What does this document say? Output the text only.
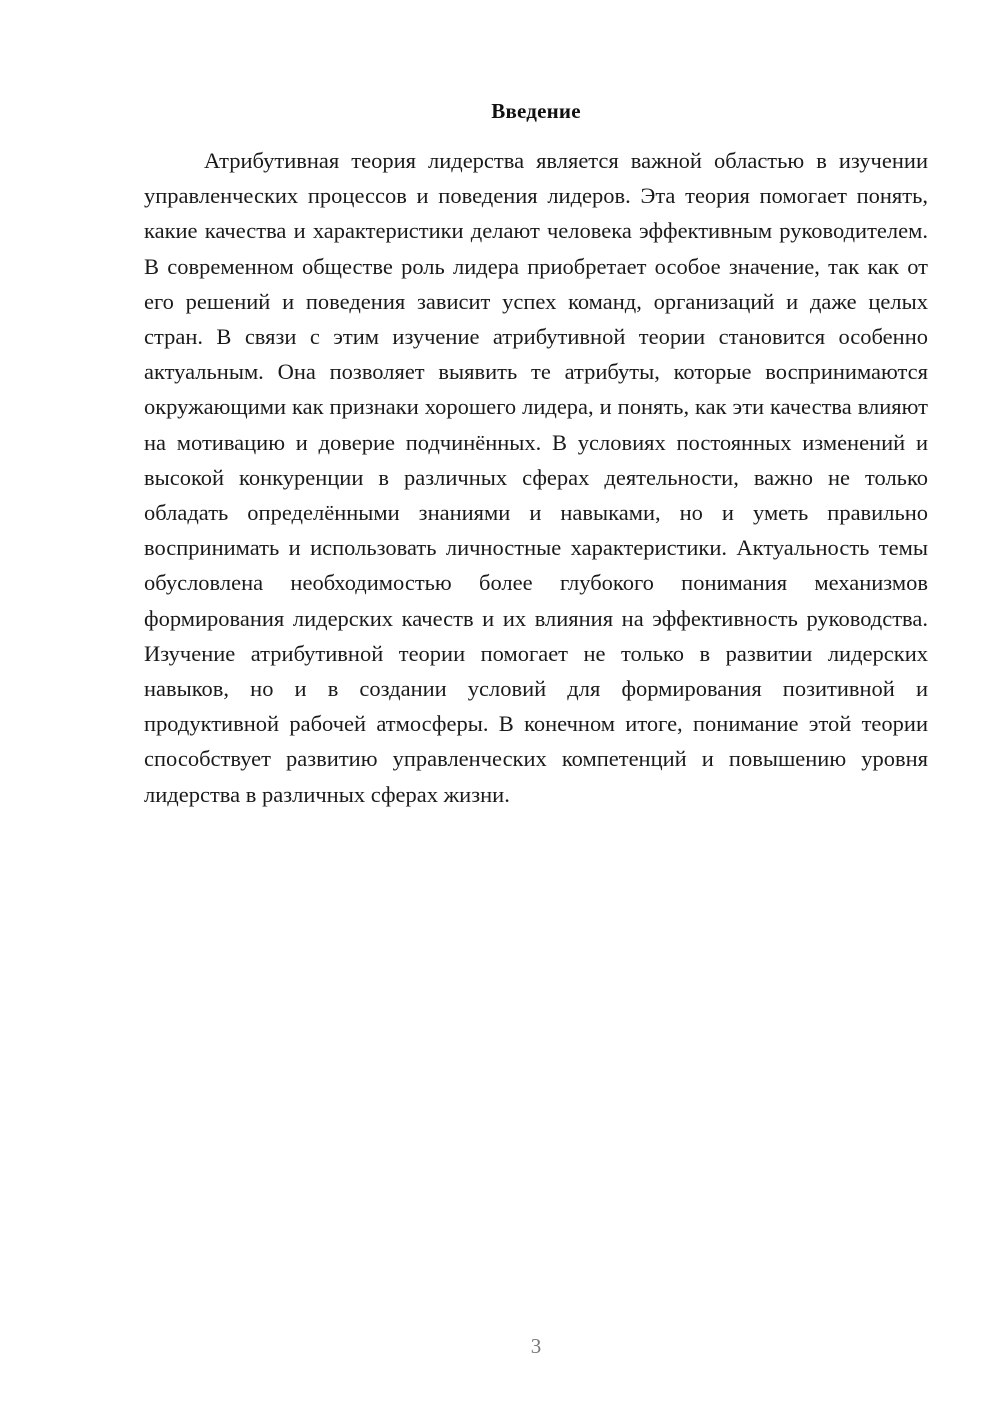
Введение

Атрибутивная теория лидерства является важной областью в изучении управленческих процессов и поведения лидеров. Эта теория помогает понять, какие качества и характеристики делают человека эффективным руководителем. В современном обществе роль лидера приобретает особое значение, так как от его решений и поведения зависит успех команд, организаций и даже целых стран. В связи с этим изучение атрибутивной теории становится особенно актуальным. Она позволяет выявить те атрибуты, которые воспринимаются окружающими как признаки хорошего лидера, и понять, как эти качества влияют на мотивацию и доверие подчинённых. В условиях постоянных изменений и высокой конкуренции в различных сферах деятельности, важно не только обладать определёнными знаниями и навыками, но и уметь правильно воспринимать и использовать личностные характеристики. Актуальность темы обусловлена необходимостью более глубокого понимания механизмов формирования лидерских качеств и их влияния на эффективность руководства. Изучение атрибутивной теории помогает не только в развитии лидерских навыков, но и в создании условий для формирования позитивной и продуктивной рабочей атмосферы. В конечном итоге, понимание этой теории способствует развитию управленческих компетенций и повышению уровня лидерства в различных сферах жизни.

3
